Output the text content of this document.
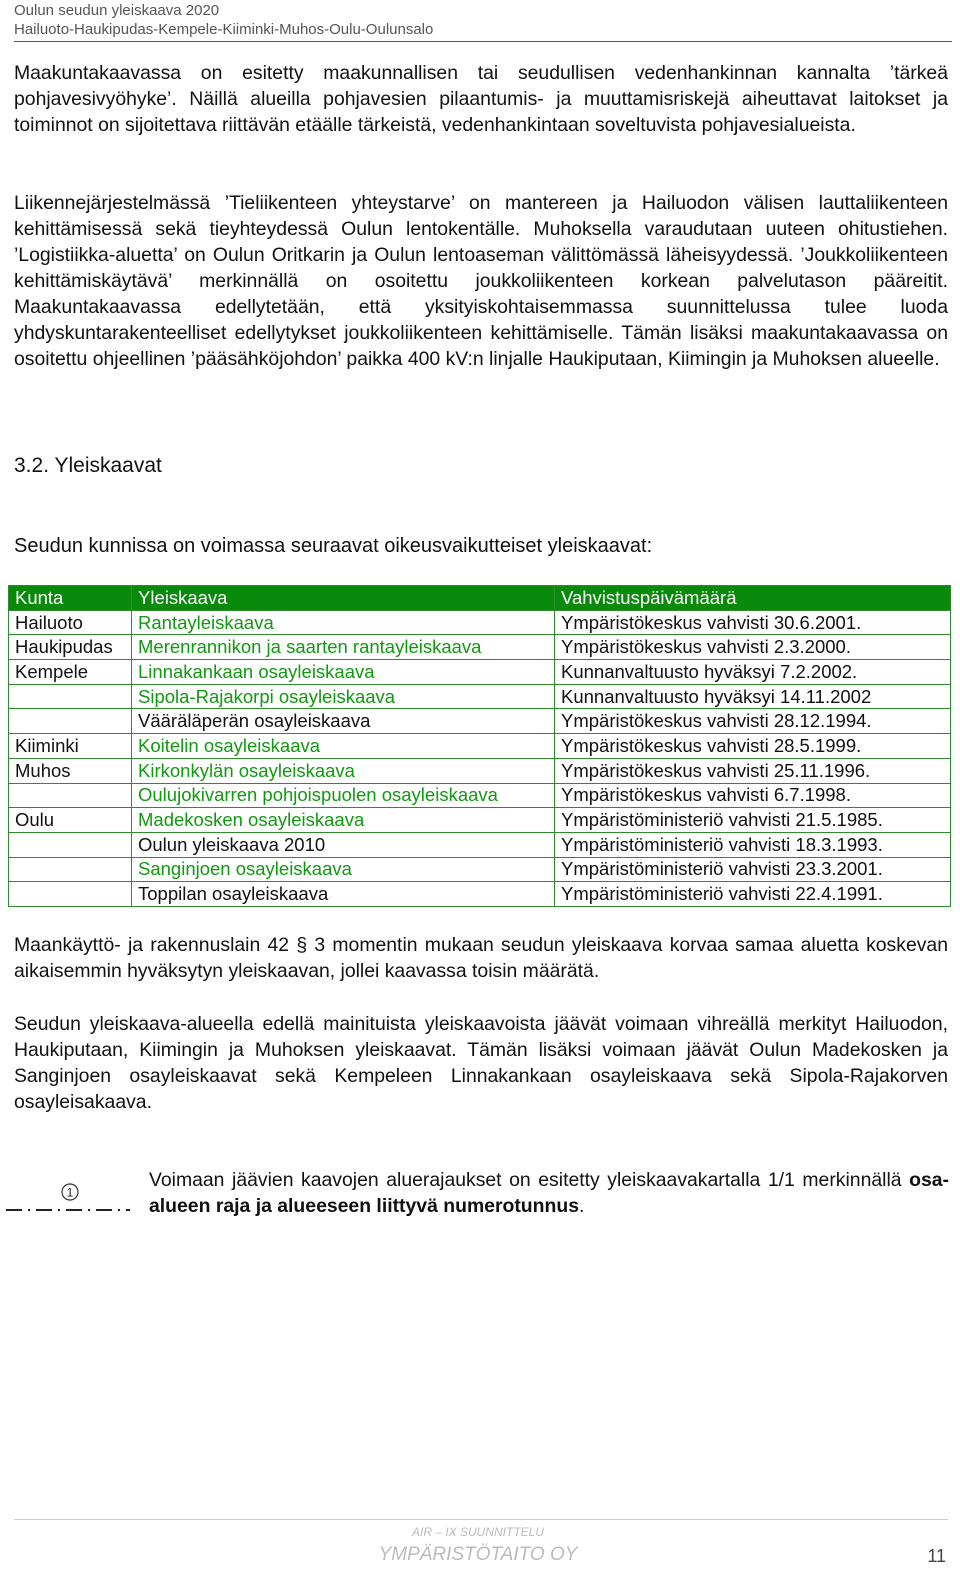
Oulun seudun yleiskaava 2020
Hailuoto-Haukipudas-Kempele-Kiiminki-Muhos-Oulu-Oulunsalo

Maakuntakaavassa on esitetty maakunnallisen tai seudullisen vedenhankinnan kannalta ’tärkeä pohjavesivyöhyke’. Näillä alueilla pohjavesien pilaantumis- ja muuttamisriskejä aiheuttavat laitokset ja toiminnot on sijoitettava riittävän etäälle tärkeistä, vedenhankintaan soveltuvista pohjavesialueista.

Liikennejärjestelmässä ’Tieliikenteen yhteystarve’ on mantereen ja Hailuodon välisen lauttaliikenteen kehittämisessä sekä tieyhteydessä Oulun lentokentälle. Muhoksella varaudutaan uuteen ohitustiehen. ’Logistiikka-aluetta’ on Oulun Oritkarin ja Oulun lentoaseman välittömässä läheisyydessä. ’Joukkoliikenteen kehittämiskäytävä’ merkinnällä on osoitettu joukkoliikenteen korkean palvelutason pääreitit. Maakuntakaavassa edellytetään, että yksityiskohtaisemmassa suunnittelussa tulee luoda yhdyskuntarakenteelliset edellytykset joukkoliikenteen kehittämiselle. Tämän lisäksi maakuntakaavassa on osoitettu ohjeellinen ’pääsähköjohdon’ paikka 400 kV:n linjalle Haukiputaan, Kiimingin ja Muhoksen alueelle.

3.2. Yleiskaavat

Seudun kunnissa on voimassa seuraavat oikeusvaikutteiset yleiskaavat:

Kunta	Yleiskaava	Vahvistuspäivämäärä
Hailuoto	Rantayleiskaava	Ympäristökeskus vahvisti 30.6.2001.
Haukipudas	Merenrannikon ja saarten rantayleiskaava	Ympäristökeskus vahvisti 2.3.2000.
Kempele	Linnakankaan osayleiskaava	Kunnanvaltuusto hyväksyi 7.2.2002.
	Sipola-Rajakorpi osayleiskaava	Kunnanvaltuusto hyväksyi 14.11.2002
	Vääräläperän osayleiskaava	Ympäristökeskus vahvisti 28.12.1994.
Kiiminki	Koitelin osayleiskaava	Ympäristökeskus vahvisti 28.5.1999.
Muhos	Kirkonkylän osayleiskaava	Ympäristökeskus vahvisti 25.11.1996.
	Oulujokivarren pohjoispuolen osayleiskaava	Ympäristökeskus vahvisti 6.7.1998.
Oulu	Madekosken osayleiskaava	Ympäristöministeriö vahvisti 21.5.1985.
	Oulun yleiskaava 2010	Ympäristöministeriö vahvisti 18.3.1993.
	Sanginjoen osayleiskaava	Ympäristöministeriö vahvisti 23.3.2001.
	Toppilan osayleiskaava	Ympäristöministeriö vahvisti 22.4.1991.

Maankäyttö- ja rakennuslain 42 § 3 momentin mukaan seudun yleiskaava korvaa samaa aluetta koskevan aikaisemmin hyväksytyn yleiskaavan, jollei kaavassa toisin määrätä.

Seudun yleiskaava-alueella edellä mainituista yleiskaavoista jäävät voimaan vihreällä merkityt Hailuodon, Haukiputaan, Kiimingin ja Muhoksen yleiskaavat. Tämän lisäksi voimaan jäävät Oulun Madekosken ja Sanginjoen osayleiskaavat sekä Kempeleen Linnakankaan osayleiskaava sekä Sipola-Rajakorven osayleisakaava.

1

Voimaan jäävien kaavojen aluerajaukset on esitetty yleiskaavakartalla 1/1 merkinnällä osa-alueen raja ja alueeseen liittyvä numerotunnus.

AIR – IX SUUNNITTELU
YMPÄRISTÖTAITO OY	11
